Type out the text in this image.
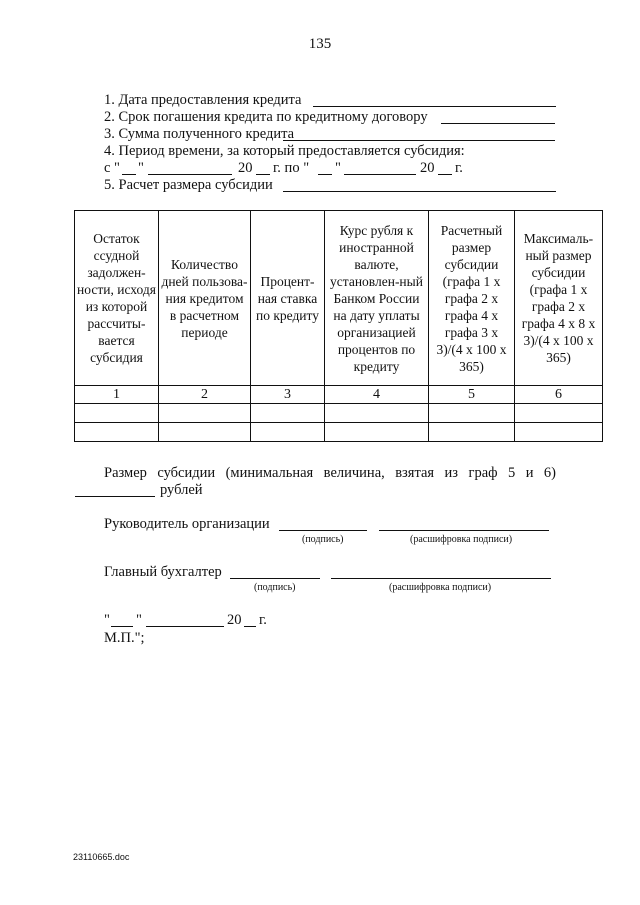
135
1. Дата предоставления кредита
2. Срок погашения кредита по кредитному договору
3. Сумма полученного кредита
4. Период времени, за который предоставляется субсидия:
с " "	20 г. по " "	20 г.
5. Расчет размера субсидии
Остаток ссудной задолжен-ности, исходя из которой рассчиты-вается субсидия	Количество дней пользова-ния кредитом в расчетном периоде	Процент-ная ставка по кредиту	Курс рубля к иностранной валюте, установлен-ный Банком России на дату уплаты организацией процентов по кредиту	Расчетный размер субсидии (графа 1 х графа 2 х графа 4 х графа 3 х 3)/(4 х 100 х 365)	Максималь-ный размер субсидии (графа 1 х графа 2 х графа 4 х 8 х 3)/(4 х 100 х 365)
1	2	3	4	5	6

Размер субсидии (минимальная величина, взятая из граф 5 и 6)
рублей
Руководитель организации
(подпись)	(расшифровка подписи)
Главный бухгалтер
(подпись)	(расшифровка подписи)
" "	20 г.
М.П.";
23110665.doc
